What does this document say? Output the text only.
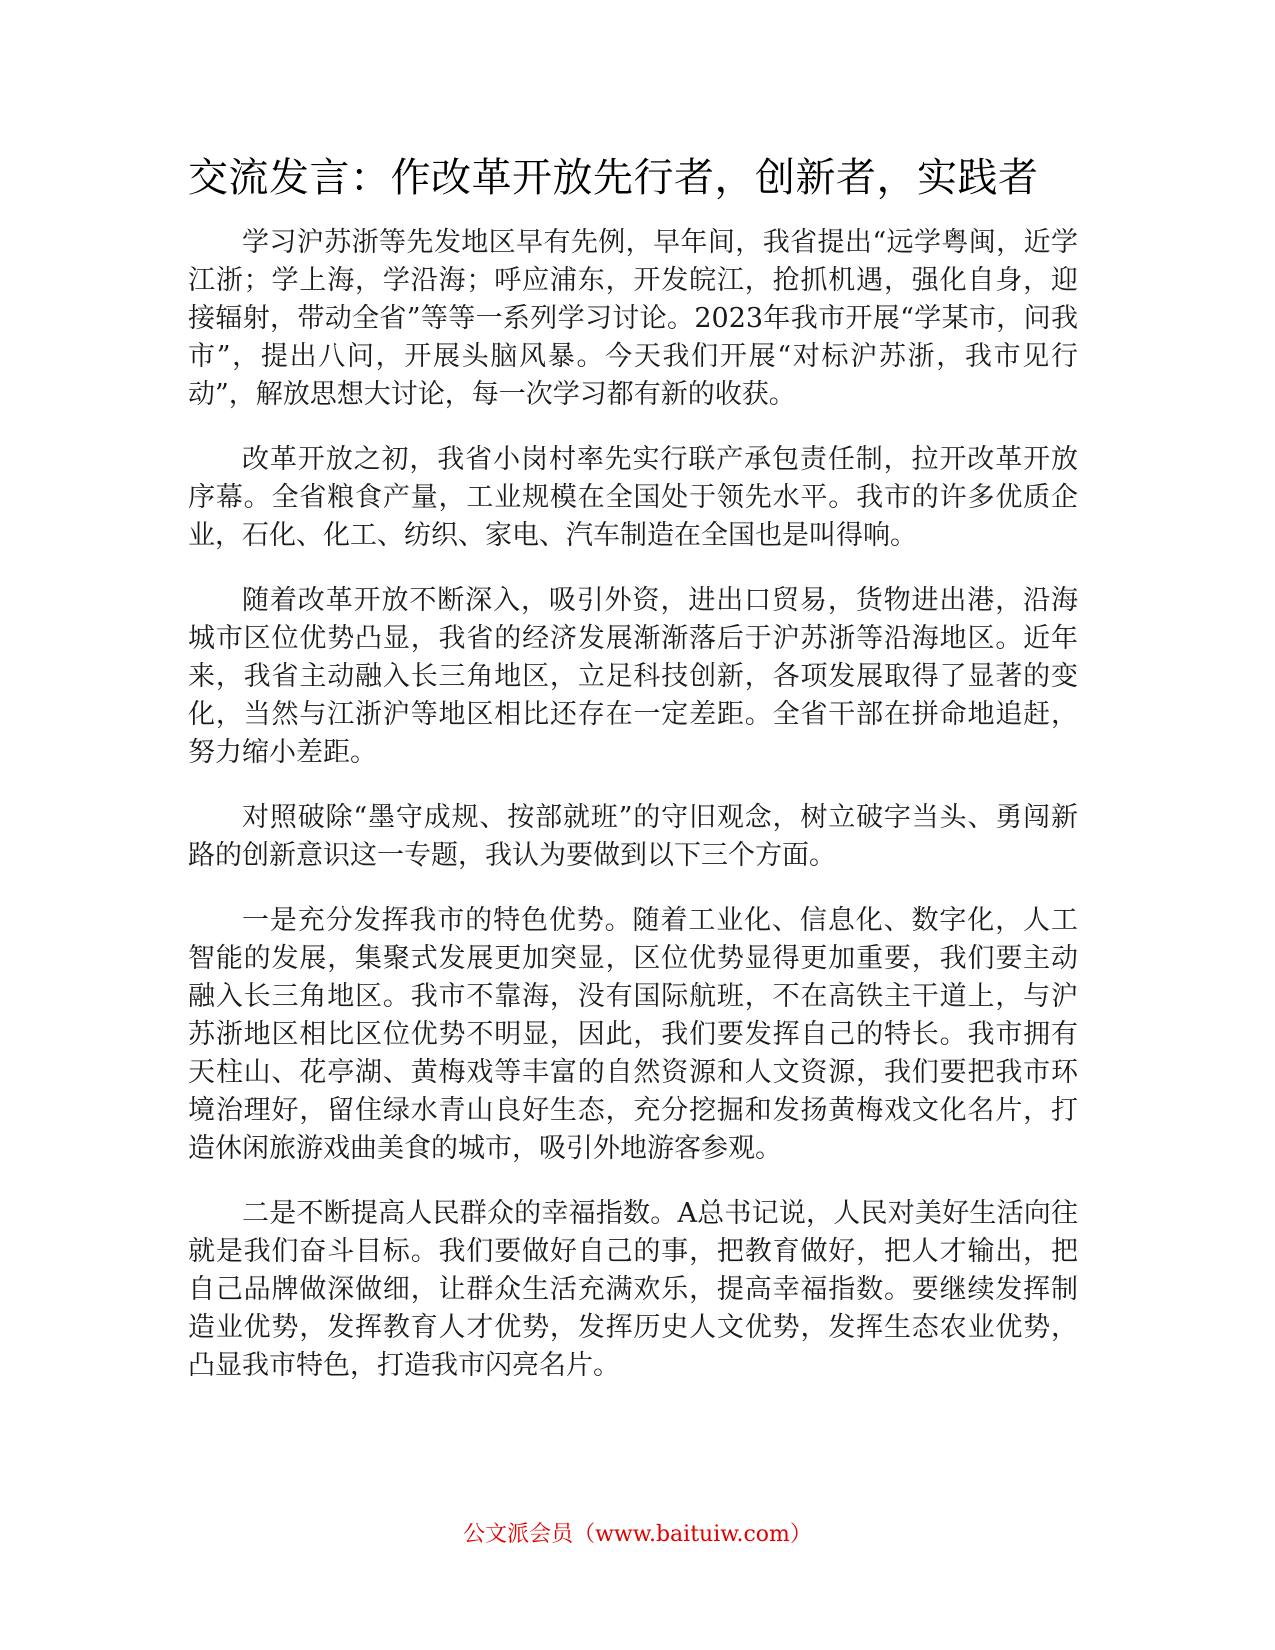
交流发言：作改革开放先行者，创新者，实践者

学习沪苏浙等先发地区早有先例，早年间，我省提出“远学粤闽，近学江浙；学上海，学沿海；呼应浦东，开发皖江，抢抓机遇，强化自身，迎接辐射，带动全省”等等一系列学习讨论。2023年我市开展“学某市，问我市”，提出八问，开展头脑风暴。今天我们开展“对标沪苏浙，我市见行动”，解放思想大讨论，每一次学习都有新的收获。

改革开放之初，我省小岗村率先实行联产承包责任制，拉开改革开放序幕。全省粮食产量，工业规模在全国处于领先水平。我市的许多优质企业，石化、化工、纺织、家电、汽车制造在全国也是叫得响。

随着改革开放不断深入，吸引外资，进出口贸易，货物进出港，沿海城市区位优势凸显，我省的经济发展渐渐落后于沪苏浙等沿海地区。近年来，我省主动融入长三角地区，立足科技创新，各项发展取得了显著的变化，当然与江浙沪等地区相比还存在一定差距。全省干部在拼命地追赶，努力缩小差距。

对照破除“墨守成规、按部就班”的守旧观念，树立破字当头、勇闯新路的创新意识这一专题，我认为要做到以下三个方面。

一是充分发挥我市的特色优势。随着工业化、信息化、数字化，人工智能的发展，集聚式发展更加突显，区位优势显得更加重要，我们要主动融入长三角地区。我市不靠海，没有国际航班，不在高铁主干道上，与沪苏浙地区相比区位优势不明显，因此，我们要发挥自己的特长。我市拥有天柱山、花亭湖、黄梅戏等丰富的自然资源和人文资源，我们要把我市环境治理好，留住绿水青山良好生态，充分挖掘和发扬黄梅戏文化名片，打造休闲旅游戏曲美食的城市，吸引外地游客参观。

二是不断提高人民群众的幸福指数。A总书记说，人民对美好生活向往就是我们奋斗目标。我们要做好自己的事，把教育做好，把人才输出，把自己品牌做深做细，让群众生活充满欢乐，提高幸福指数。要继续发挥制造业优势，发挥教育人才优势，发挥历史人文优势，发挥生态农业优势，凸显我市特色，打造我市闪亮名片。

公文派会员（www.baituiw.com）
